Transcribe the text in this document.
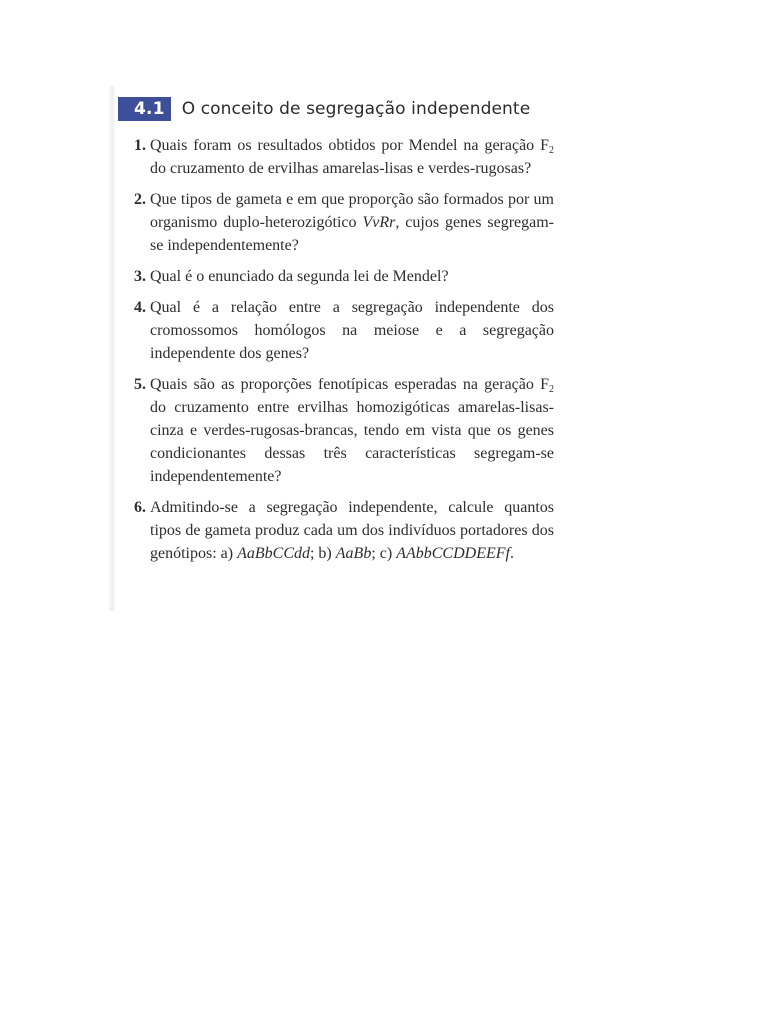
4.1	O conceito de segregação independente
1. Quais foram os resultados obtidos por Mendel na geração $F_2$ do cruzamento de ervilhas amarelas-lisas e verdes-rugosas?
2. Que tipos de gameta e em que proporção são formados por um organismo duplo-heterozigótico VvRr, cujos genes segregam-se independentemente?
3. Qual é o enunciado da segunda lei de Mendel?
4. Qual é a relação entre a segregação independente dos cromossomos homólogos na meiose e a segregação independente dos genes?
5. Quais são as proporções fenotípicas esperadas na geração $F_2$ do cruzamento entre ervilhas homozigóticas amarelas-lisas-cinza e verdes-rugosas-brancas, tendo em vista que os genes condicionantes dessas três características segregam-se independentemente?
6. Admitindo-se a segregação independente, calcule quantos tipos de gameta produz cada um dos indivíduos portadores dos genótipos: a) AaBbCCdd; b) AaBb; c) AAbbCCDDEEFf.
